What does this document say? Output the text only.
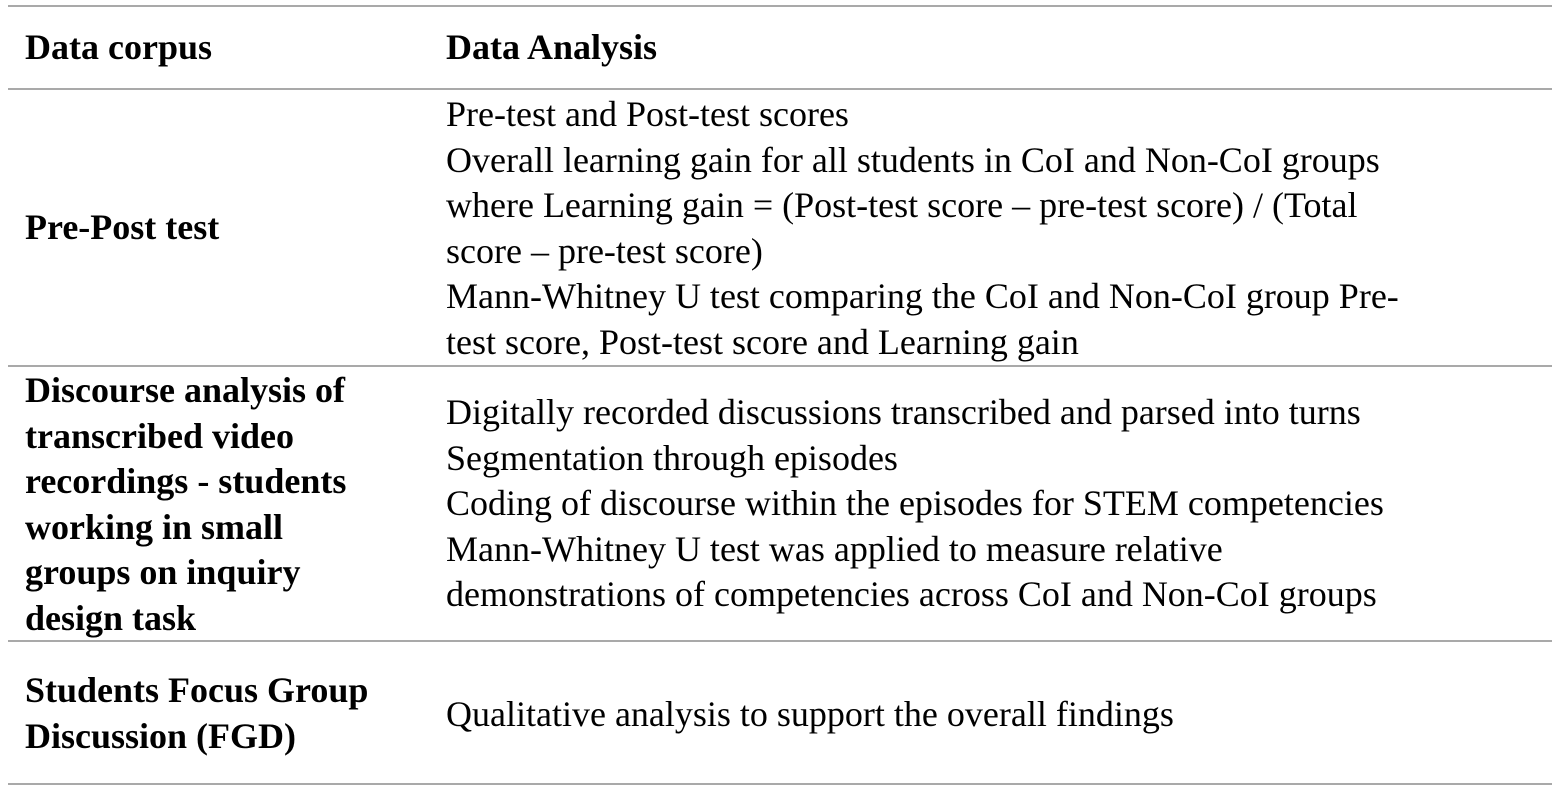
Data corpus	Data Analysis
Pre-Post test
Pre-test and Post-test scores
Overall learning gain for all students in CoI and Non-CoI groups
where Learning gain = (Post-test score – pre-test score) / (Total
score – pre-test score)
Mann-Whitney U test comparing the CoI and Non-CoI group Pre-
test score, Post-test score and Learning gain
Discourse analysis of
transcribed video
recordings - students
working in small
groups on inquiry
design task
Digitally recorded discussions transcribed and parsed into turns
Segmentation through episodes
Coding of discourse within the episodes for STEM competencies
Mann-Whitney U test was applied to measure relative
demonstrations of competencies across CoI and Non-CoI groups
Students Focus Group
Discussion (FGD)
Qualitative analysis to support the overall findings
